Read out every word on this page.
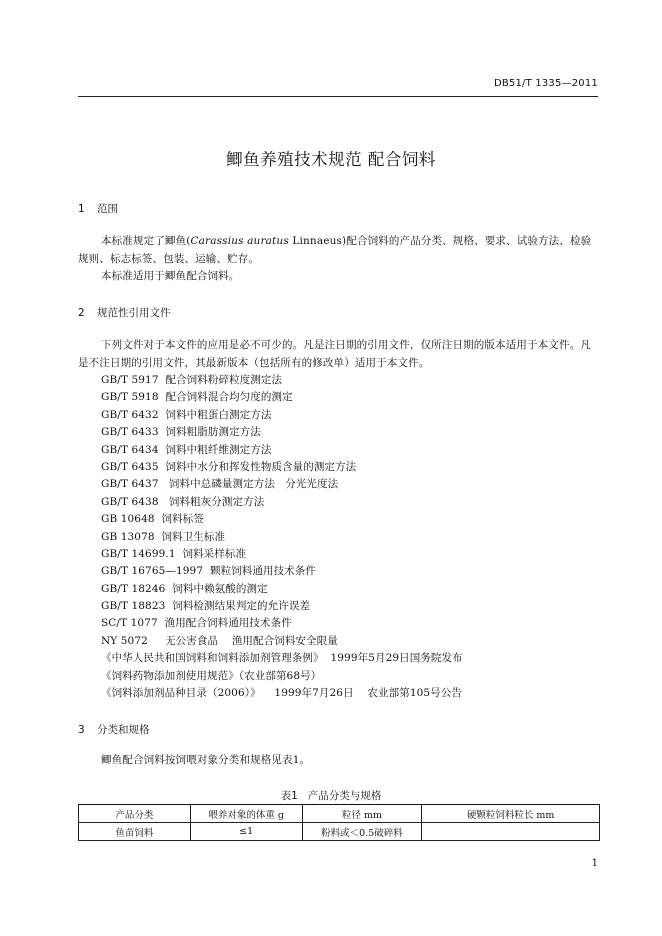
DB51/T 1335—2011
鲫鱼养殖技术规范 配合饲料
1 范围
本标准规定了鲫鱼(Carassius auratus Linnaeus)配合饲料的产品分类、规格、要求、试验方法、检验规则、标志标签、包装、运输、贮存。
本标准适用于鲫鱼配合饲料。
2 规范性引用文件
下列文件对于本文件的应用是必不可少的。凡是注日期的引用文件，仅所注日期的版本适用于本文件。凡是不注日期的引用文件，其最新版本（包括所有的修改单）适用于本文件。
GB/T 5917  配合饲料粉碎粒度测定法
GB/T 5918  配合饲料混合均匀度的测定
GB/T 6432  饲料中粗蛋白测定方法
GB/T 6433  饲料粗脂肪测定方法
GB/T 6434  饲料中粗纤维测定方法
GB/T 6435  饲料中水分和挥发性物质含量的测定方法
GB/T 6437   饲料中总磷量测定方法   分光光度法
GB/T 6438   饲料粗灰分测定方法
GB 10648  饲料标签
GB 13078  饲料卫生标准
GB/T 14699.1  饲料采样标准
GB/T 16765—1997  颗粒饲料通用技术条件
GB/T 18246  饲料中赖氨酸的测定
GB/T 18823  饲料检测结果判定的允许误差
SC/T 1077  渔用配合饲料通用技术条件
NY 5072     无公害食品    渔用配合饲料安全限量
《中华人民共和国饲料和饲料添加剂管理条例》  1999年5月29日国务院发布
《饲料药物添加剂使用规范》（农业部第68号）
《饲料添加剂品种目录（2006）》    1999年7月26日    农业部第105号公告
3 分类和规格
鲫鱼配合饲料按饲喂对象分类和规格见表1。
表1   产品分类与规格
产品分类	喂养对象的体重 g	粒径 mm	硬颗粒饲料粒长 mm
鱼苗饲料	≤1	粉料或＜0.5破碎料	
1
